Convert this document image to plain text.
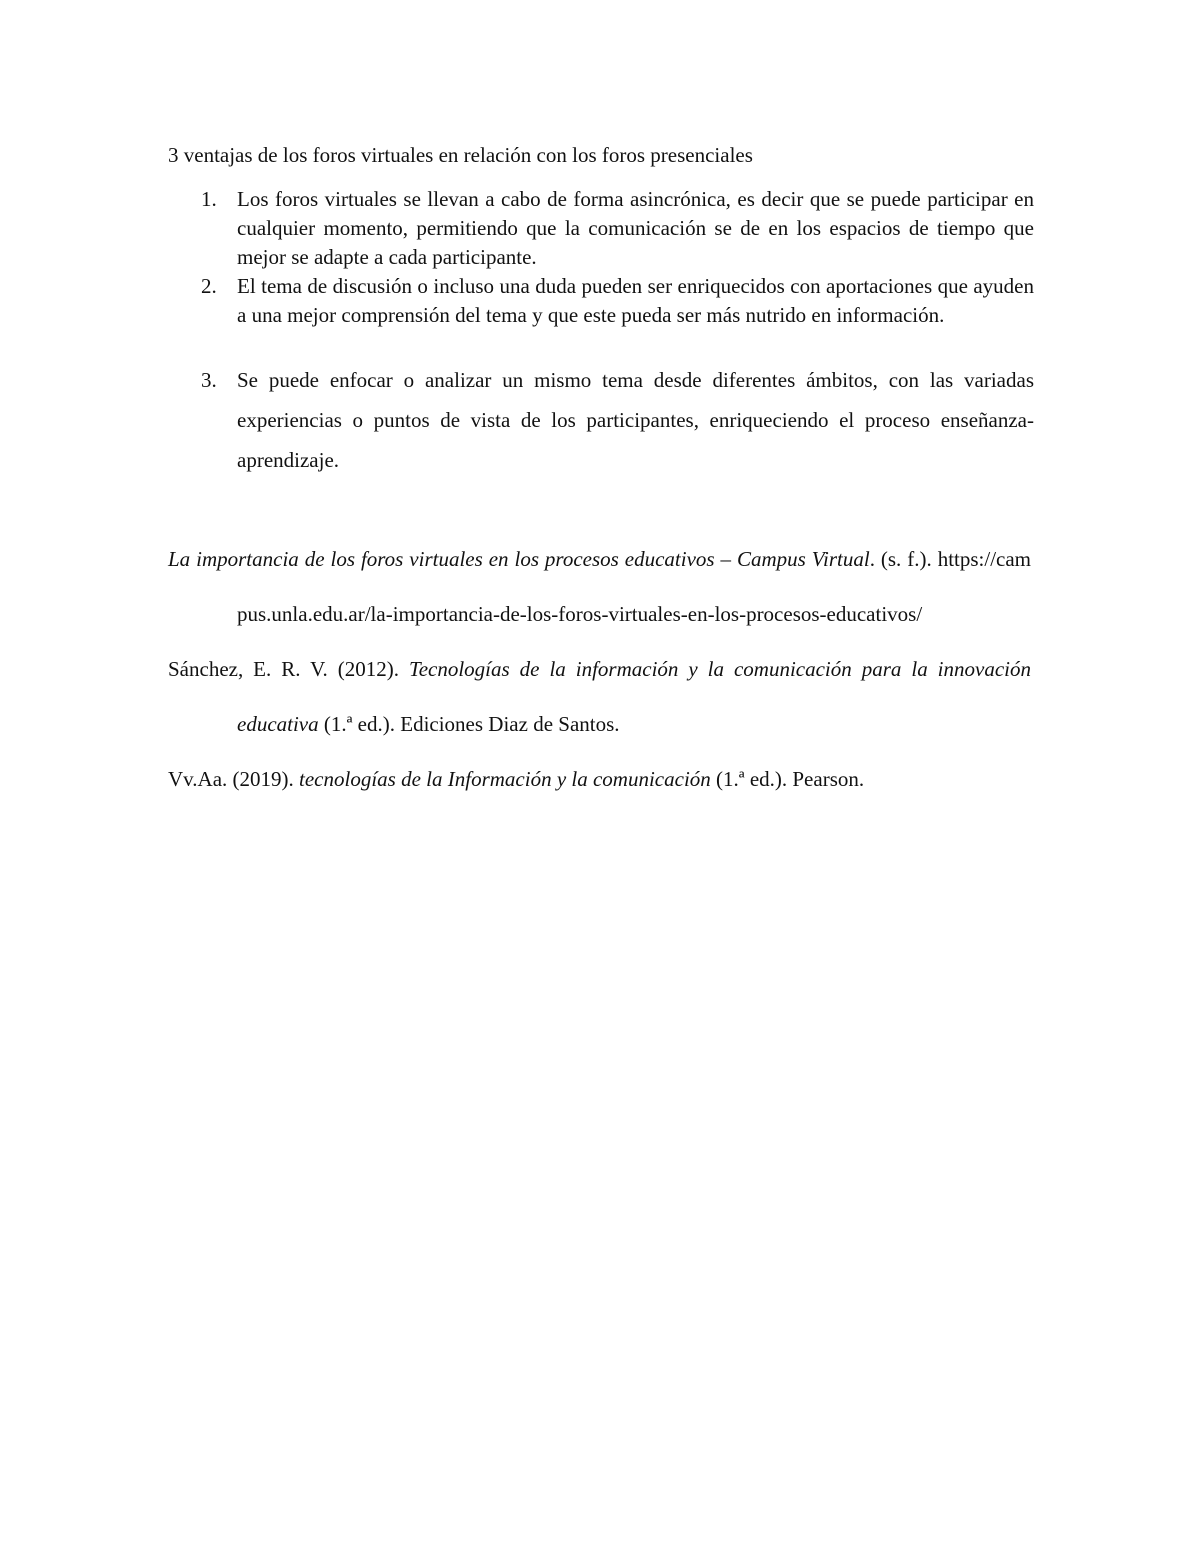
3 ventajas de los foros virtuales en relación con los foros presenciales
1. Los foros virtuales se llevan a cabo de forma asincrónica, es decir que se puede participar en cualquier momento, permitiendo que la comunicación se de en los espacios de tiempo que mejor se adapte a cada participante.
2. El tema de discusión o incluso una duda pueden ser enriquecidos con aportaciones que ayuden a una mejor comprensión del tema y que este pueda ser más nutrido en información.
3. Se puede enfocar o analizar un mismo tema desde diferentes ámbitos, con las variadas experiencias o puntos de vista de los participantes, enriqueciendo el proceso enseñanza-aprendizaje.
La importancia de los foros virtuales en los procesos educativos – Campus Virtual. (s. f.). https://campus.unla.edu.ar/la-importancia-de-los-foros-virtuales-en-los-procesos-educativos/
Sánchez, E. R. V. (2012). Tecnologías de la información y la comunicación para la innovación educativa (1.ª ed.). Ediciones Diaz de Santos.
Vv.Aa. (2019). tecnologías de la Información y la comunicación (1.ª ed.). Pearson.
